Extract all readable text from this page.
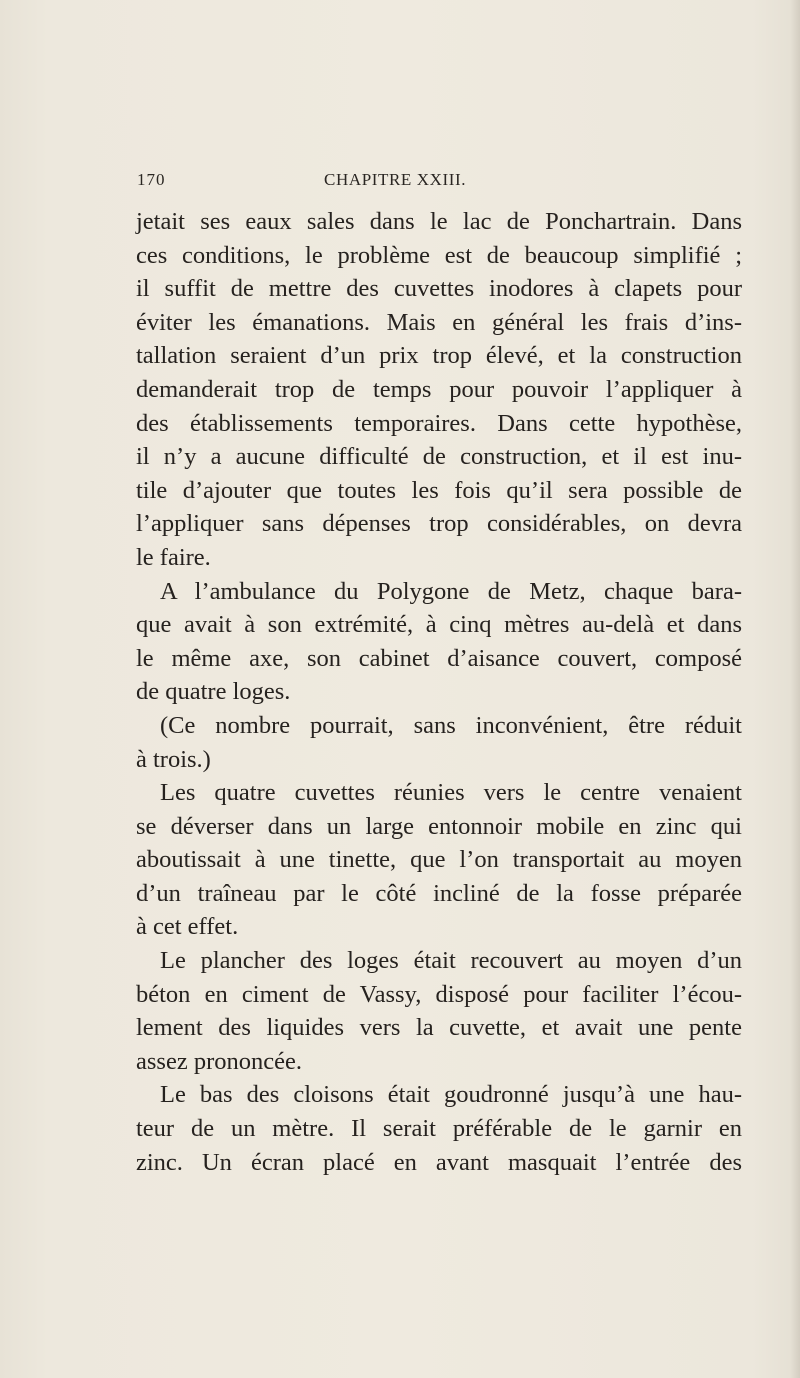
170	CHAPITRE XXIII.
jetait ses eaux sales dans le lac de Ponchartrain. Dans
ces conditions, le problème est de beaucoup simplifié ;
il suffit de mettre des cuvettes inodores à clapets pour
éviter les émanations. Mais en général les frais d’ins-
tallation seraient d’un prix trop élevé, et la construction
demanderait trop de temps pour pouvoir l’appliquer à
des établissements temporaires. Dans cette hypothèse,
il n’y a aucune difficulté de construction, et il est inu-
tile d’ajouter que toutes les fois qu’il sera possible de
l’appliquer sans dépenses trop considérables, on devra
le faire.
A l’ambulance du Polygone de Metz, chaque bara-
que avait à son extrémité, à cinq mètres au-delà et dans
le même axe, son cabinet d’aisance couvert, composé
de quatre loges.
(Ce nombre pourrait, sans inconvénient, être réduit
à trois.)
Les quatre cuvettes réunies vers le centre venaient
se déverser dans un large entonnoir mobile en zinc qui
aboutissait à une tinette, que l’on transportait au moyen
d’un traîneau par le côté incliné de la fosse préparée
à cet effet.
Le plancher des loges était recouvert au moyen d’un
béton en ciment de Vassy, disposé pour faciliter l’écou-
lement des liquides vers la cuvette, et avait une pente
assez prononcée.
Le bas des cloisons était goudronné jusqu’à une hau-
teur de un mètre. Il serait préférable de le garnir en
zinc. Un écran placé en avant masquait l’entrée des
